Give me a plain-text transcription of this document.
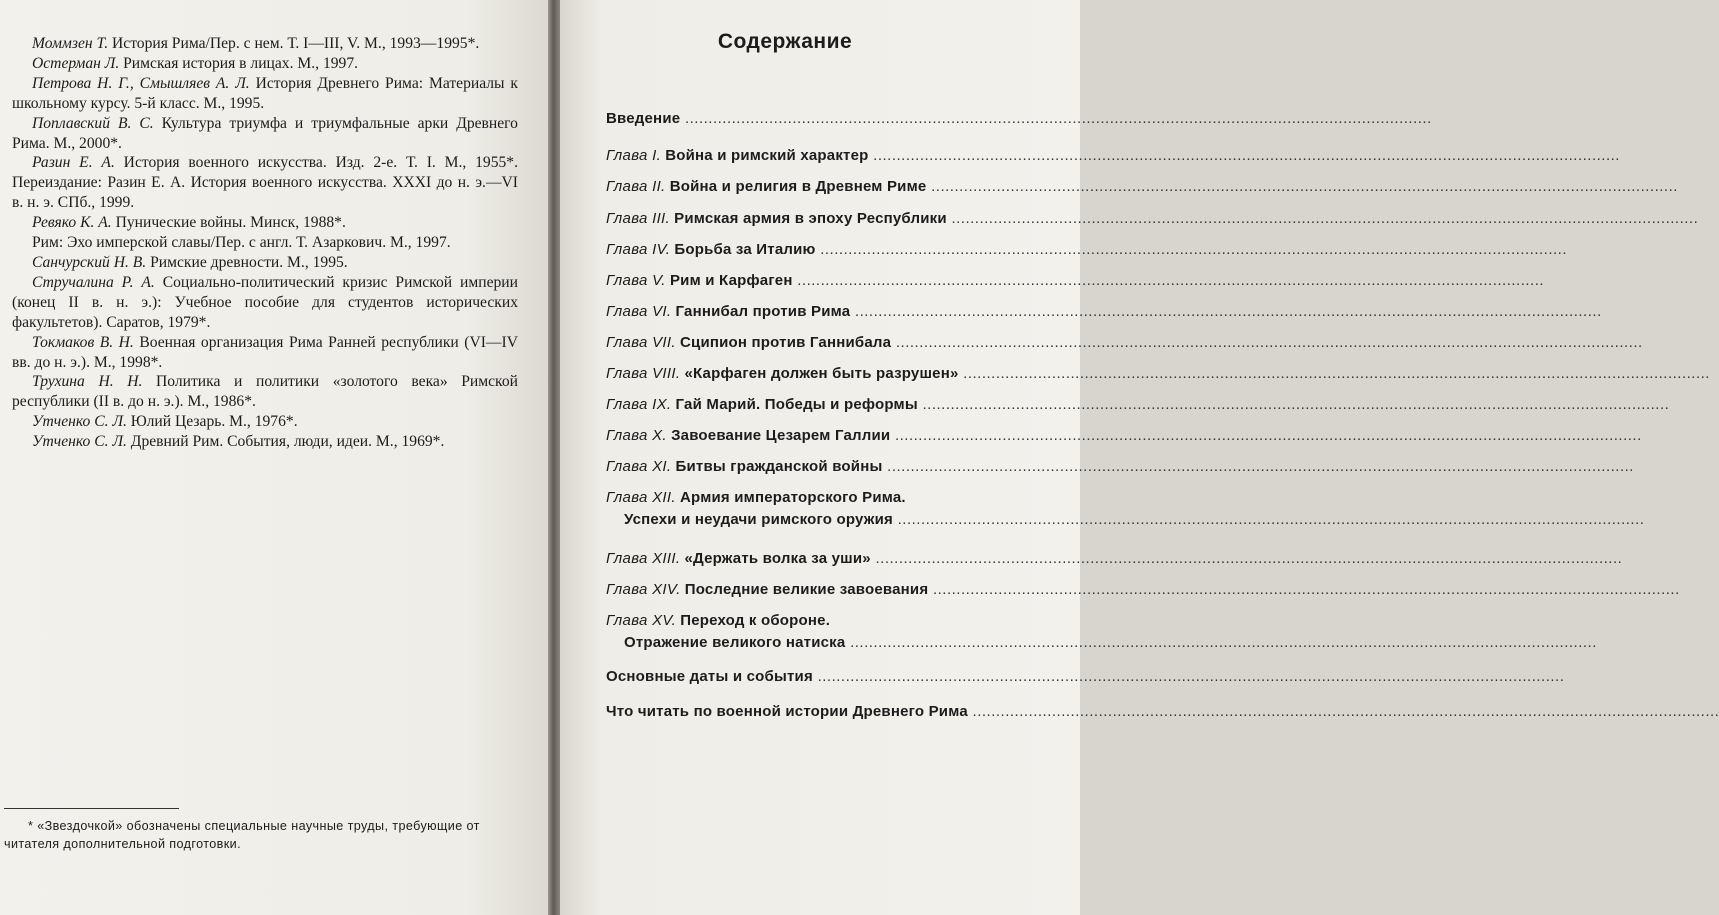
Моммзен Т. История Рима/Пер. с нем. Т. I—III, V. М., 1993—1995*.

Остерман Л. Римская история в лицах. М., 1997.

Петрова Н. Г., Смышляев А. Л. История Древнего Рима: Материалы к школьному курсу. 5-й класс. М., 1995.

Поплавский В. С. Культура триумфа и триумфальные арки Древнего Рима. М., 2000*.

Разин Е. А. История военного искусства. Изд. 2-е. Т. I. М., 1955*. Переиздание: Разин Е. А. История военного искусства. XXXI до н. э.—VI в. н. э. СПб., 1999.

Ревяко К. А. Пунические войны. Минск, 1988*.

Рим: Эхо имперской славы/Пер. с англ. Т. Азаркович. М., 1997.

Санчурский Н. В. Римские древности. М., 1995.

Стручалина Р. А. Социально-политический кризис Римской империи (конец II в. н. э.): Учебное пособие для студентов исторических факультетов). Саратов, 1979*.

Токмаков В. Н. Военная организация Рима Ранней республики (VI—IV вв. до н. э.). М., 1998*.

Трухина Н. Н. Политика и политики «золотого века» Римской республики (II в. до н. э.). М., 1986*.

Утченко С. Л. Юлий Цезарь. М., 1976*.

Утченко С. Л. Древний Рим. События, люди, идеи. М., 1969*.

* «Звездочкой» обозначены специальные научные труды, требующие от читателя дополнительной подготовки.

Содержание
Введение ................................................................................................................................................................
Глава I. Война и римский характер ................................................................................................................................................................
Глава II. Война и религия в Древнем Риме ................................................................................................................................................................
Глава III. Римская армия в эпоху Республики ................................................................................................................................................................
Глава IV. Борьба за Италию ................................................................................................................................................................
Глава V. Рим и Карфаген ................................................................................................................................................................
Глава VI. Ганнибал против Рима ................................................................................................................................................................
Глава VII. Сципион против Ганнибала ................................................................................................................................................................
Глава VIII. «Карфаген должен быть разрушен» ................................................................................................................................................................
Глава IX. Гай Марий. Победы и реформы ................................................................................................................................................................
Глава X. Завоевание Цезарем Галлии ................................................................................................................................................................
Глава XI. Битвы гражданской войны ................................................................................................................................................................
Глава XII. Армия императорского Рима.
Успехи и неудачи римского оружия ................................................................................................................................................................
Глава XIII. «Держать волка за уши» ................................................................................................................................................................
Глава XIV. Последние великие завоевания ................................................................................................................................................................
Глава XV. Переход к обороне.
Отражение великого натиска ................................................................................................................................................................
Основные даты и события ................................................................................................................................................................
Что читать по военной истории Древнего Рима ................................................................................................................................................................
